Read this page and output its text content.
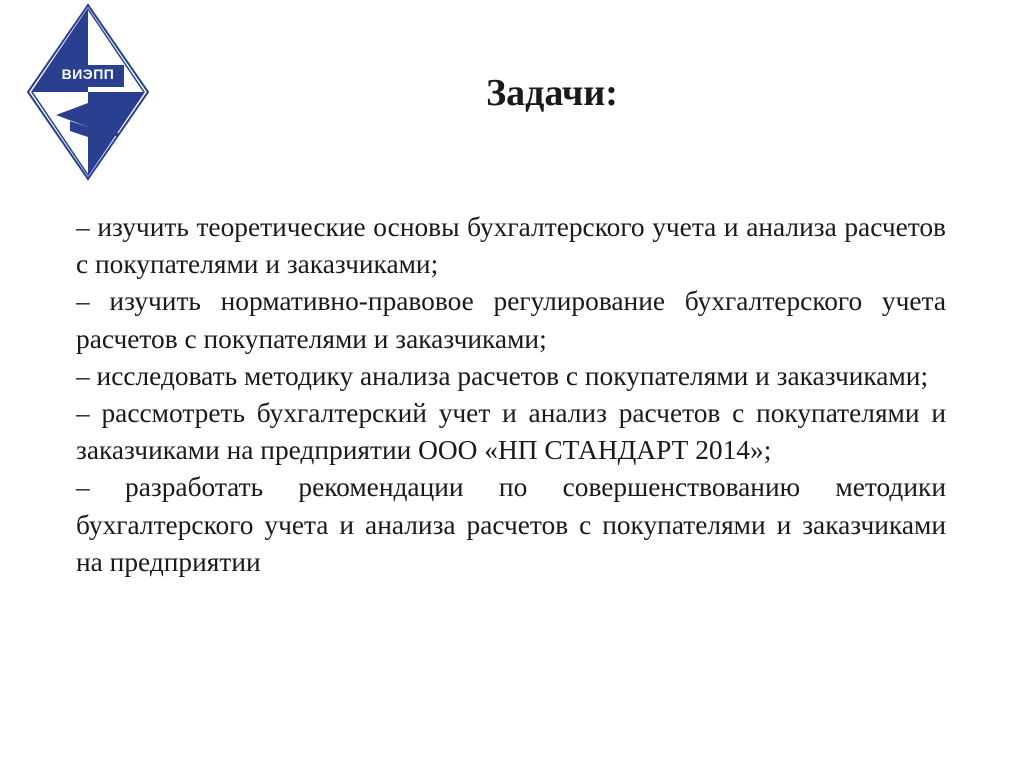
ВИЭПП	Задачи:
– изучить теоретические основы бухгалтерского учета и анализа расчетов с покупателями и заказчиками;
– изучить нормативно-правовое регулирование бухгалтерского учета расчетов с покупателями и заказчиками;
– исследовать методику анализа расчетов с покупателями и заказчиками;
– рассмотреть бухгалтерский учет и анализ расчетов с покупателями и заказчиками на предприятии ООО «НП СТАНДАРТ 2014»;
– разработать рекомендации по совершенствованию методики бухгалтерского учета и анализа расчетов с покупателями и заказчиками на предприятии
